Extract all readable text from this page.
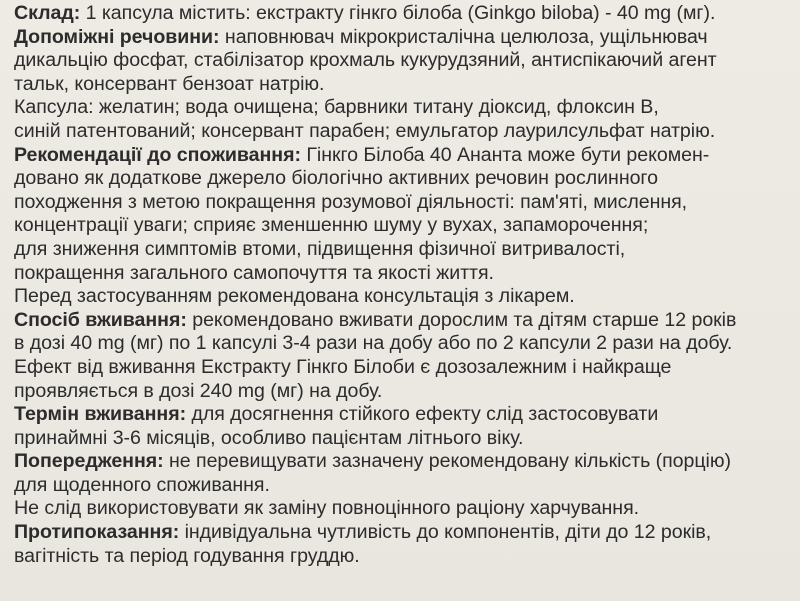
Склад: 1 капсула містить: екстракту гінкго білоба (Ginkgo biloba) - 40 mg (мг).
Допоміжні речовини: наповнювач мікрокристалічна целюлоза, ущільнювач
дикальцію фосфат, стабілізатор крохмаль кукурудзяний, антиспікаючий агент
тальк, консервант бензоат натрію.
Капсула: желатин; вода очищена; барвники титану діоксид, флоксин B,
синій патентований; консервант парабен; емульгатор лаурилсульфат натрію.
Рекомендації до споживання: Гінкго Білоба 40 Ананта може бути рекомен-
довано як додаткове джерело біологічно активних речовин рослинного
походження з метою покращення розумової діяльності: пам'яті, мислення,
концентрації уваги; сприяє зменшенню шуму у вухах, запаморочення;
для зниження симптомів втоми, підвищення фізичної витривалості,
покращення загального самопочуття та якості життя.
Перед застосуванням рекомендована консультація з лікарем.
Спосіб вживання: рекомендовано вживати дорослим та дітям старше 12 років
в дозі 40 mg (мг) по 1 капсулі 3-4 рази на добу або по 2 капсули 2 рази на добу.
Ефект від вживання Екстракту Гінкго Білоби є дозозалежним і найкраще
проявляється в дозі 240 mg (мг) на добу.
Термін вживання: для досягнення стійкого ефекту слід застосовувати
принаймні 3-6 місяців, особливо пацієнтам літнього віку.
Попередження: не перевищувати зазначену рекомендовану кількість (порцію)
для щоденного споживання.
Не слід використовувати як заміну повноцінного раціону харчування.
Протипоказання: індивідуальна чутливість до компонентів, діти до 12 років,
вагітність та період годування груддю.
